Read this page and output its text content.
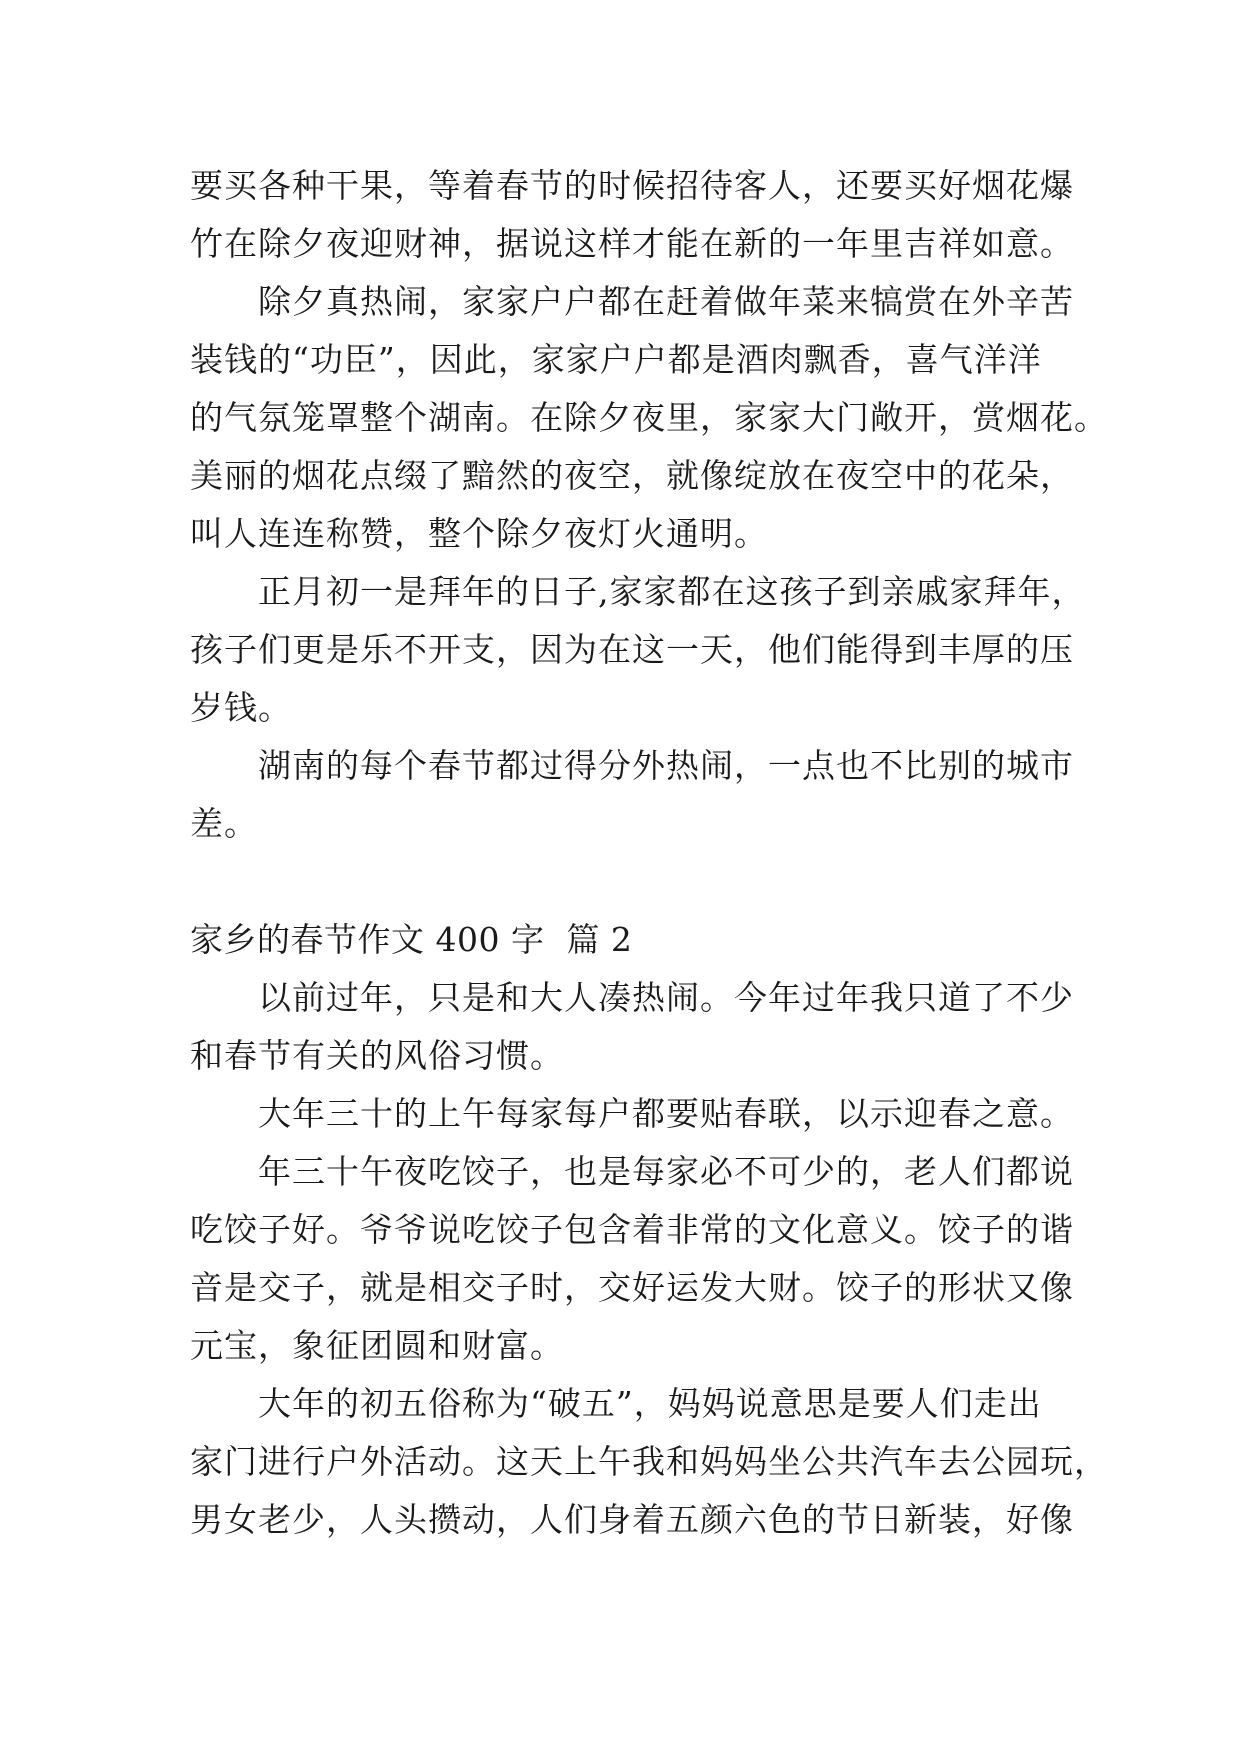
要买各种干果，等着春节的时候招待客人，还要买好烟花爆
竹在除夕夜迎财神，据说这样才能在新的一年里吉祥如意。
　　除夕真热闹，家家户户都在赶着做年菜来犒赏在外辛苦
装钱的“功臣”，因此，家家户户都是酒肉飘香，喜气洋洋
的气氛笼罩整个湖南。在除夕夜里，家家大门敞开，赏烟花。
美丽的烟花点缀了黯然的夜空，就像绽放在夜空中的花朵，
叫人连连称赞，整个除夕夜灯火通明。
　　正月初一是拜年的日子,家家都在这孩子到亲戚家拜年，
孩子们更是乐不开支，因为在这一天，他们能得到丰厚的压
岁钱。
　　湖南的每个春节都过得分外热闹，一点也不比别的城市
差。
家乡的春节作文 400 字  篇 2
　　以前过年，只是和大人凑热闹。今年过年我只道了不少
和春节有关的风俗习惯。
　　大年三十的上午每家每户都要贴春联，以示迎春之意。
　　年三十午夜吃饺子，也是每家必不可少的，老人们都说
吃饺子好。爷爷说吃饺子包含着非常的文化意义。饺子的谐
音是交子，就是相交子时，交好运发大财。饺子的形状又像
元宝，象征团圆和财富。
　　大年的初五俗称为“破五”，妈妈说意思是要人们走出
家门进行户外活动。这天上午我和妈妈坐公共汽车去公园玩，
男女老少，人头攒动，人们身着五颜六色的节日新装，好像
